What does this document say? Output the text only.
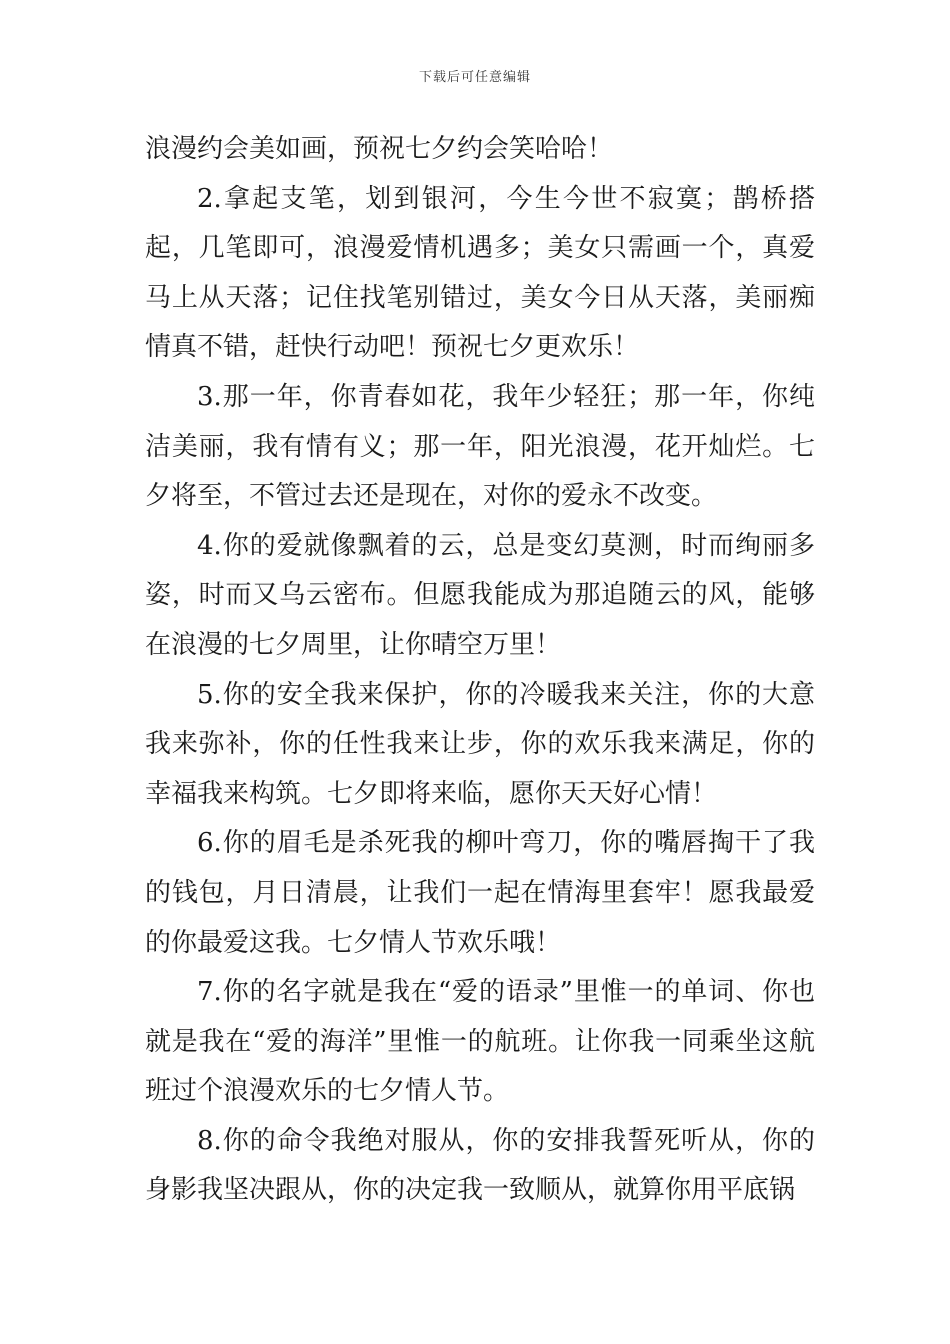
下载后可任意编辑

浪漫约会美如画，预祝七夕约会笑哈哈！

2.拿起支笔，划到银河，今生今世不寂寞；鹊桥搭起，几笔即可，浪漫爱情机遇多；美女只需画一个，真爱马上从天落；记住找笔别错过，美女今日从天落，美丽痴情真不错，赶快行动吧！预祝七夕更欢乐！

3.那一年，你青春如花，我年少轻狂；那一年，你纯洁美丽，我有情有义；那一年，阳光浪漫，花开灿烂。七夕将至，不管过去还是现在，对你的爱永不改变。

4.你的爱就像飘着的云，总是变幻莫测，时而绚丽多姿，时而又乌云密布。但愿我能成为那追随云的风，能够在浪漫的七夕周里，让你晴空万里！

5.你的安全我来保护，你的冷暖我来关注，你的大意我来弥补，你的任性我来让步，你的欢乐我来满足，你的幸福我来构筑。七夕即将来临，愿你天天好心情！

6.你的眉毛是杀死我的柳叶弯刀，你的嘴唇掏干了我的钱包，月日清晨，让我们一起在情海里套牢！愿我最爱的你最爱这我。七夕情人节欢乐哦！

7.你的名字就是我在“爱的语录”里惟一的单词、你也就是我在“爱的海洋”里惟一的航班。让你我一同乘坐这航班过个浪漫欢乐的七夕情人节。

8.你的命令我绝对服从，你的安排我誓死听从，你的身影我坚决跟从，你的决定我一致顺从，就算你用平底锅
